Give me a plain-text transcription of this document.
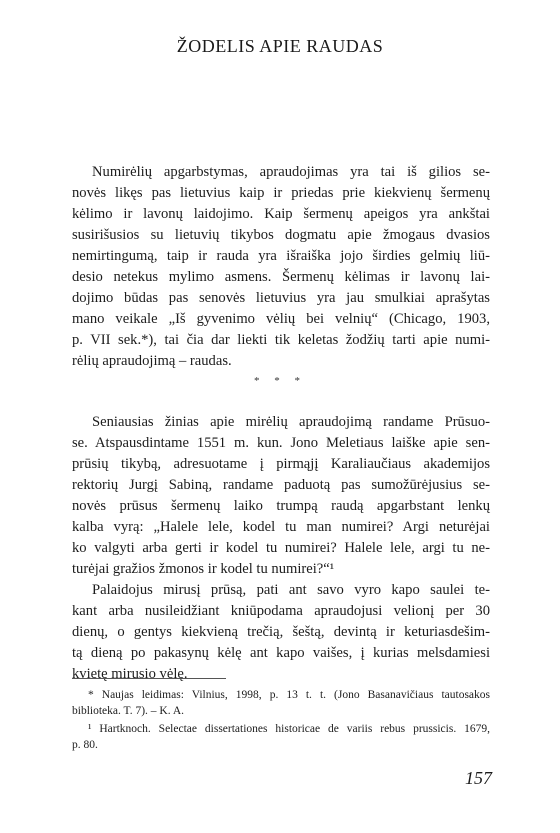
ŽODELIS APIE RAUDAS
Numirėlių apgarbstymas, apraudojimas yra tai iš gilios se-
novės likęs pas lietuvius kaip ir priedas prie kiekvienų šermenų
kėlimo ir lavonų laidojimo. Kaip šermenų apeigos yra ankštai
susirišusios su lietuvių tikybos dogmatu apie žmogaus dvasios
nemirtingumą, taip ir rauda yra išraiška jojo širdies gelmių liū-
desio netekus mylimo asmens. Šermenų kėlimas ir lavonų lai-
dojimo būdas pas senovės lietuvius yra jau smulkiai aprašytas
mano veikale „Iš gyvenimo vėlių bei velnių“ (Chicago, 1903,
p. VII sek.*), tai čia dar liekti tik keletas žodžių tarti apie numi-
rėlių apraudojimą – raudas.
* * *
Seniausias žinias apie mirėlių apraudojimą randame Prūsuo-
se. Atspausdintame 1551 m. kun. Jono Meletiaus laiške apie sen-
prūsių tikybą, adresuotame į pirmąjį Karaliaučiaus akademijos
rektorių Jurgį Sabiną, randame paduotą pas sumožūrėjusius se-
novės prūsus šermenų laiko trumpą raudą apgarbstant lenkų
kalba vyrą: „Halele lele, kodel tu man numirei? Argi neturėjai
ko valgyti arba gerti ir kodel tu numirei? Halele lele, argi tu ne-
turėjai gražios žmonos ir kodel tu numirei?“¹
Palaidojus mirusį prūsą, pati ant savo vyro kapo saulei te-
kant arba nusileidžiant kniūpodama apraudojusi velionį per 30
dienų, o gentys kiekvieną trečią, šeštą, devintą ir keturiasdešim-
tą dieną po pakasynų kėlę ant kapo vaišes, į kurias melsdamiesi
kvietę mirusio vėlę.
* Naujas leidimas: Vilnius, 1998, p. 13 t. t. (Jono Basanavičiaus tautosakos
biblioteka. T. 7). – K. A.
¹ Hartknoch. Selectae dissertationes historicae de variis rebus prussicis. 1679,
p. 80.
157
